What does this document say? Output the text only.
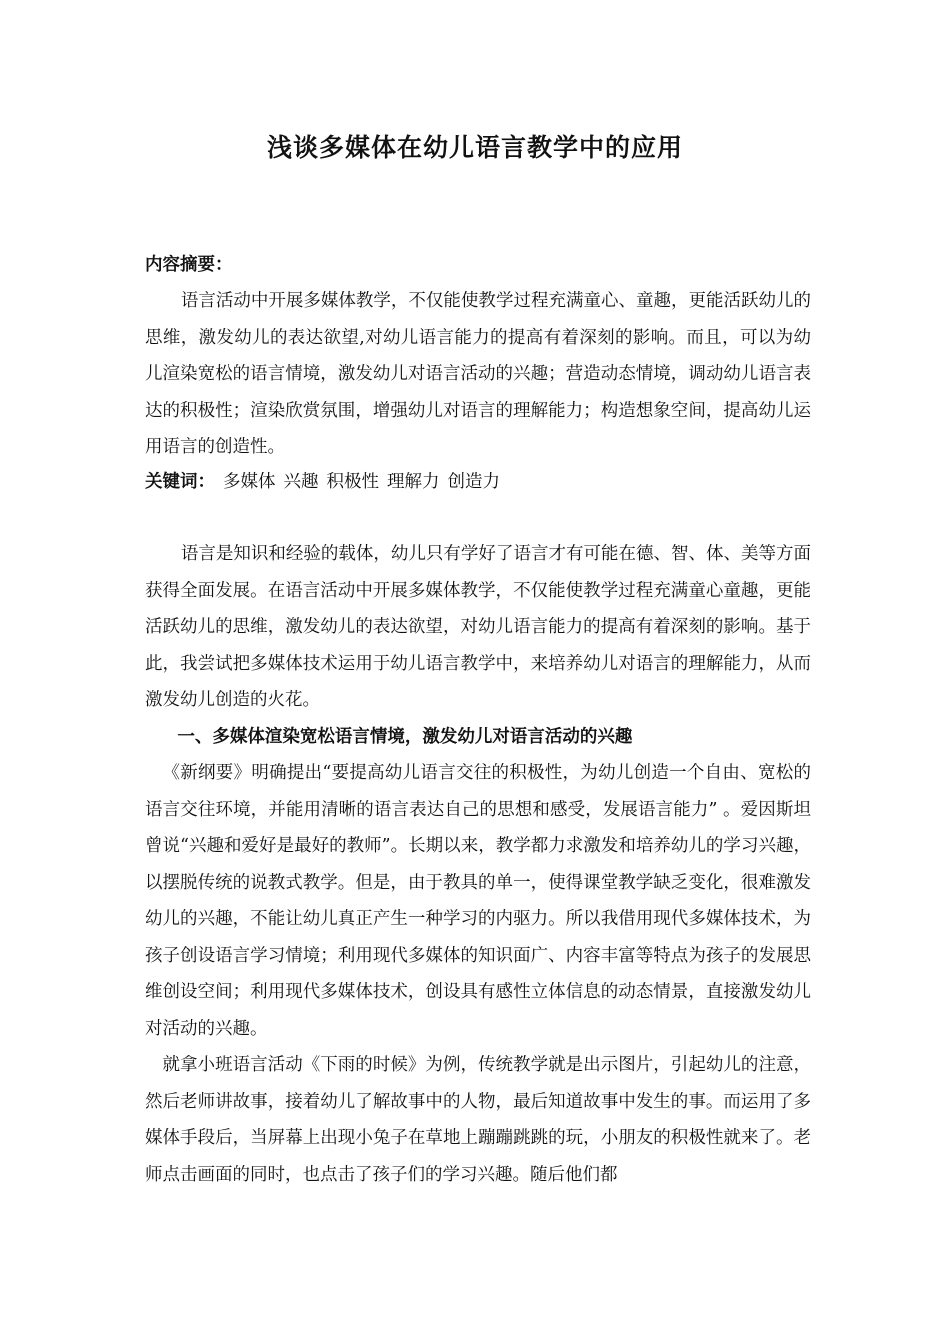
浅谈多媒体在幼儿语言教学中的应用
内容摘要：

语言活动中开展多媒体教学，不仅能使教学过程充满童心、童趣，更能活跃幼儿的思维，激发幼儿的表达欲望,对幼儿语言能力的提高有着深刻的影响。而且，可以为幼儿渲染宽松的语言情境，激发幼儿对语言活动的兴趣；营造动态情境，调动幼儿语言表达的积极性；渲染欣赏氛围，增强幼儿对语言的理解能力；构造想象空间，提高幼儿运用语言的创造性。

关键词： 多媒体 兴趣 积极性 理解力 创造力

语言是知识和经验的载体，幼儿只有学好了语言才有可能在德、智、体、美等方面获得全面发展。在语言活动中开展多媒体教学，不仅能使教学过程充满童心童趣，更能活跃幼儿的思维，激发幼儿的表达欲望，对幼儿语言能力的提高有着深刻的影响。基于此，我尝试把多媒体技术运用于幼儿语言教学中，来培养幼儿对语言的理解能力，从而激发幼儿创造的火花。

一、多媒体渲染宽松语言情境，激发幼儿对语言活动的兴趣

《新纲要》明确提出“要提高幼儿语言交往的积极性，为幼儿创造一个自由、宽松的语言交往环境，并能用清晰的语言表达自己的思想和感受，发展语言能力” 。爱因斯坦曾说“兴趣和爱好是最好的教师”。长期以来，教学都力求激发和培养幼儿的学习兴趣，以摆脱传统的说教式教学。但是，由于教具的单一，使得课堂教学缺乏变化，很难激发幼儿的兴趣，不能让幼儿真正产生一种学习的内驱力。所以我借用现代多媒体技术，为孩子创设语言学习情境；利用现代多媒体的知识面广、内容丰富等特点为孩子的发展思维创设空间；利用现代多媒体技术，创设具有感性立体信息的动态情景，直接激发幼儿对活动的兴趣。

就拿小班语言活动《下雨的时候》为例，传统教学就是出示图片，引起幼儿的注意，然后老师讲故事，接着幼儿了解故事中的人物，最后知道故事中发生的事。而运用了多媒体手段后，当屏幕上出现小兔子在草地上蹦蹦跳跳的玩，小朋友的积极性就来了。老师点击画面的同时，也点击了孩子们的学习兴趣。随后他们都
